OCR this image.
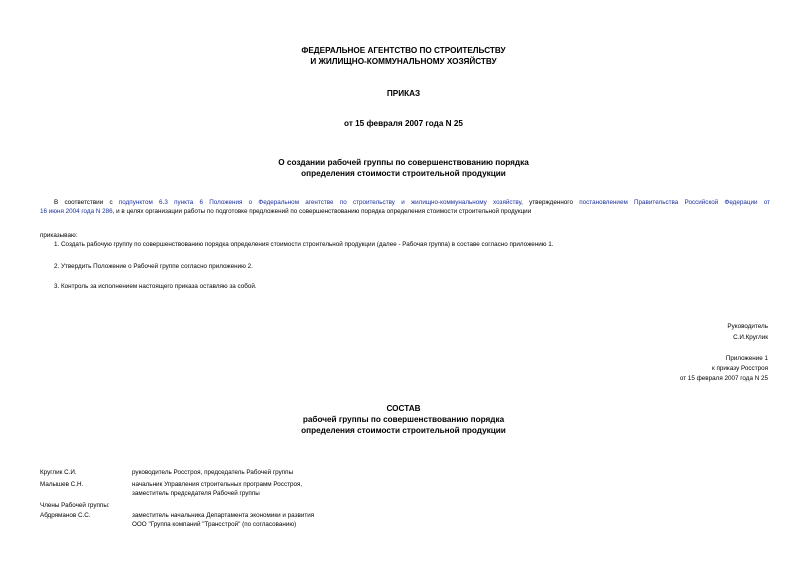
ФЕДЕРАЛЬНОЕ АГЕНТСТВО ПО СТРОИТЕЛЬСТВУ
И ЖИЛИЩНО-КОММУНАЛЬНОМУ ХОЗЯЙСТВУ
ПРИКАЗ
от 15 февраля 2007 года N 25
О создании рабочей группы по совершенствованию порядка
определения стоимости строительной продукции
В соответствии с подпунктом 6.3 пункта 6 Положения о Федеральном агентстве по строительству и жилищно-коммунальному хозяйству, утвержденного постановлением Правительства Российской Федерации от
16 июня 2004 года N 286, и в целях организации работы по подготовке предложений по совершенствованию порядка определения стоимости строительной продукции
приказываю:
1. Создать рабочую группу по совершенствованию порядка определения стоимости строительной продукции (далее - Рабочая группа) в составе согласно приложению 1.
2. Утвердить Положение о Рабочей группе согласно приложению 2.
3. Контроль за исполнением настоящего приказа оставляю за собой.
Руководитель
С.И.Круглик
Приложение 1
к приказу Росстроя
от 15 февраля 2007 года N 25
СОСТАВ
рабочей группы по совершенствованию порядка
определения стоимости строительной продукции
Круглик С.И.	руководитель Росстроя, председатель Рабочей группы
Малышев С.Н.	начальник Управления строительных программ Росстроя,
заместитель председателя Рабочей группы
Члены Рабочей группы:
Абдряманов С.С.	заместитель начальника Департамента экономики и развития
ООО "Группа компаний "Трансстрой" (по согласованию)
